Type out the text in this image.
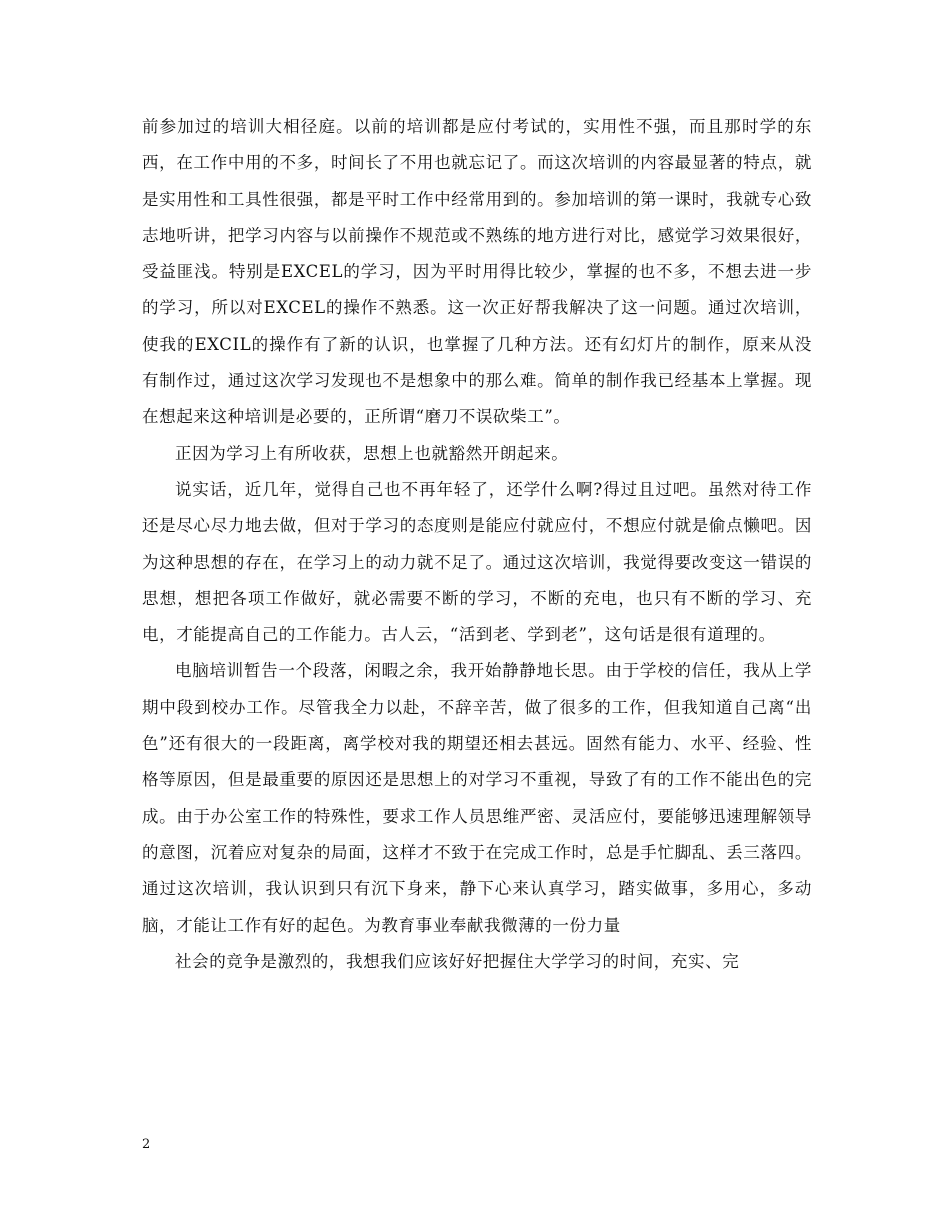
前参加过的培训大相径庭。以前的培训都是应付考试的，实用性不强，而且那时学的东西，在工作中用的不多，时间长了不用也就忘记了。而这次培训的内容最显著的特点，就是实用性和工具性很强，都是平时工作中经常用到的。参加培训的第一课时，我就专心致志地听讲，把学习内容与以前操作不规范或不熟练的地方进行对比，感觉学习效果很好，受益匪浅。特别是EXCEL的学习，因为平时用得比较少，掌握的也不多，不想去进一步的学习，所以对EXCEL的操作不熟悉。这一次正好帮我解决了这一问题。通过次培训，使我的EXCIL的操作有了新的认识，也掌握了几种方法。还有幻灯片的制作，原来从没有制作过，通过这次学习发现也不是想象中的那么难。简单的制作我已经基本上掌握。现在想起来这种培训是必要的，正所谓“磨刀不误砍柴工”。

正因为学习上有所收获，思想上也就豁然开朗起来。

说实话，近几年，觉得自己也不再年轻了，还学什么啊?得过且过吧。虽然对待工作还是尽心尽力地去做，但对于学习的态度则是能应付就应付，不想应付就是偷点懒吧。因为这种思想的存在，在学习上的动力就不足了。通过这次培训，我觉得要改变这一错误的思想，想把各项工作做好，就必需要不断的学习，不断的充电，也只有不断的学习、充电，才能提高自己的工作能力。古人云，“活到老、学到老”，这句话是很有道理的。

电脑培训暂告一个段落，闲暇之余，我开始静静地长思。由于学校的信任，我从上学期中段到校办工作。尽管我全力以赴，不辞辛苦，做了很多的工作，但我知道自己离“出色”还有很大的一段距离，离学校对我的期望还相去甚远。固然有能力、水平、经验、性格等原因，但是最重要的原因还是思想上的对学习不重视，导致了有的工作不能出色的完成。由于办公室工作的特殊性，要求工作人员思维严密、灵活应付，要能够迅速理解领导的意图，沉着应对复杂的局面，这样才不致于在完成工作时，总是手忙脚乱、丢三落四。通过这次培训，我认识到只有沉下身来，静下心来认真学习，踏实做事，多用心，多动脑，才能让工作有好的起色。为教育事业奉献我微薄的一份力量

社会的竞争是激烈的，我想我们应该好好把握住大学学习的时间，充实、完

2
